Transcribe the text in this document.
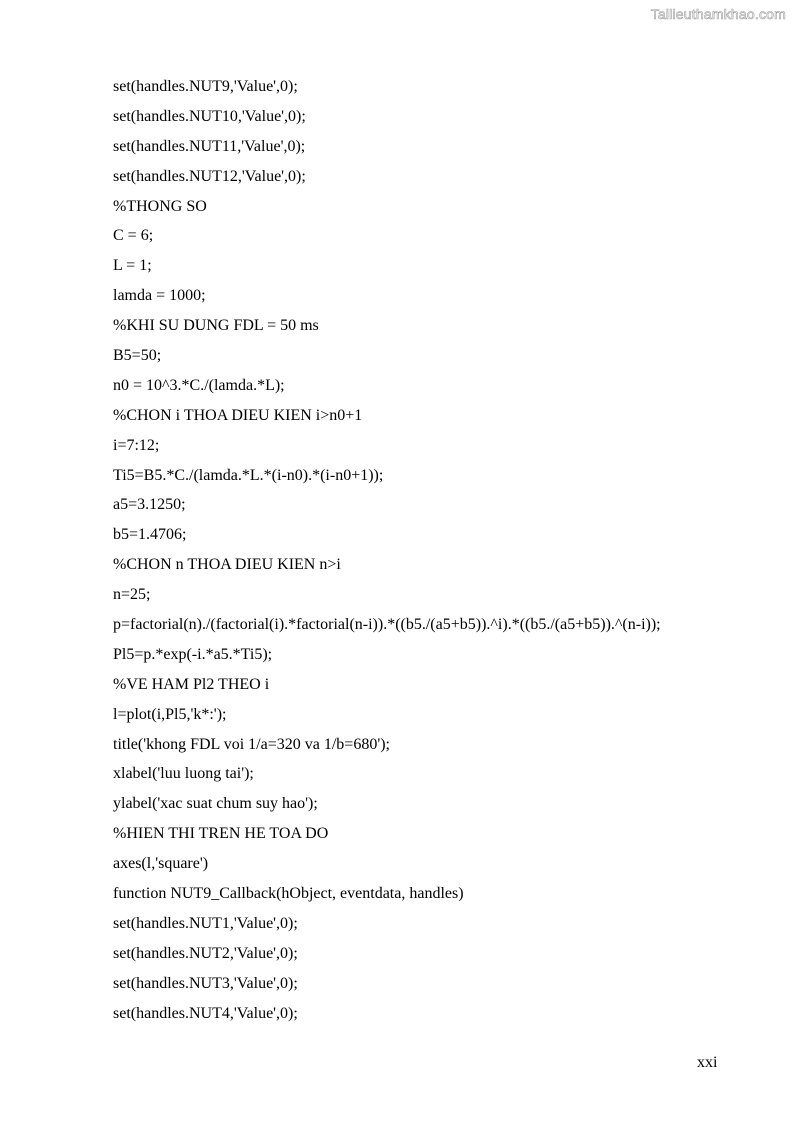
Tailieuthamkhao.com
set(handles.NUT9,'Value',0);
set(handles.NUT10,'Value',0);
set(handles.NUT11,'Value',0);
set(handles.NUT12,'Value',0);
%THONG SO
C = 6;
L = 1;
lamda = 1000;
%KHI SU DUNG FDL = 50 ms
B5=50;
n0 = 10^3.*C./(lamda.*L);
%CHON i THOA DIEU KIEN i>n0+1
i=7:12;
Ti5=B5.*C./(lamda.*L.*(i-n0).*(i-n0+1));
a5=3.1250;
b5=1.4706;
%CHON n THOA DIEU KIEN n>i
n=25;
p=factorial(n)./(factorial(i).*factorial(n-i)).*((b5./(a5+b5)).^i).*((b5./(a5+b5)).^(n-i));
Pl5=p.*exp(-i.*a5.*Ti5);
%VE HAM Pl2 THEO i
l=plot(i,Pl5,'k*:');
title('khong FDL voi 1/a=320 va 1/b=680');
xlabel('luu luong tai');
ylabel('xac suat chum suy hao');
%HIEN THI TREN HE TOA DO
axes(l,'square')
function NUT9_Callback(hObject, eventdata, handles)
set(handles.NUT1,'Value',0);
set(handles.NUT2,'Value',0);
set(handles.NUT3,'Value',0);
set(handles.NUT4,'Value',0);
xxi
